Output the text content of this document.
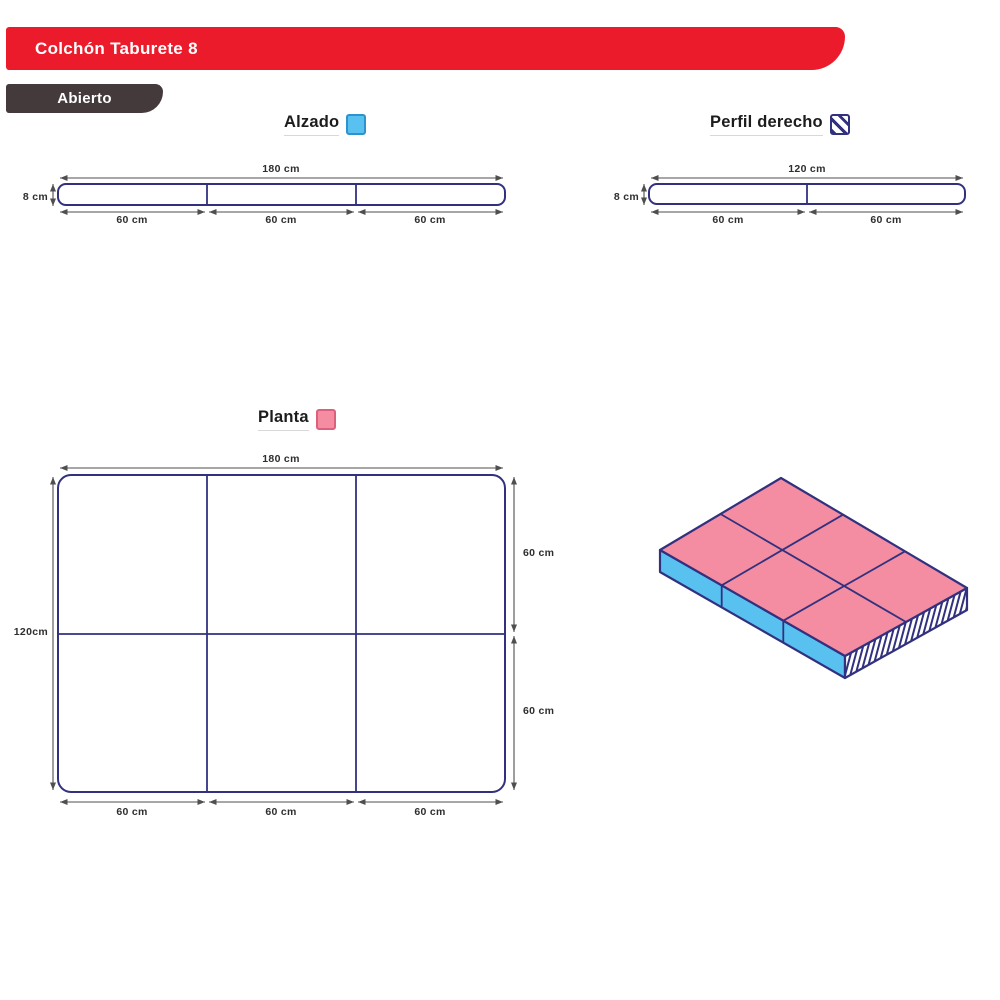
Colchón Taburete 8
Abierto
Alzado	Perfil derecho
Planta
180 cm
8 cm
60 cm	60 cm	60 cm
120 cm
8 cm
60 cm	60 cm
180 cm
120cm
60 cm
60 cm
60 cm	60 cm	60 cm
